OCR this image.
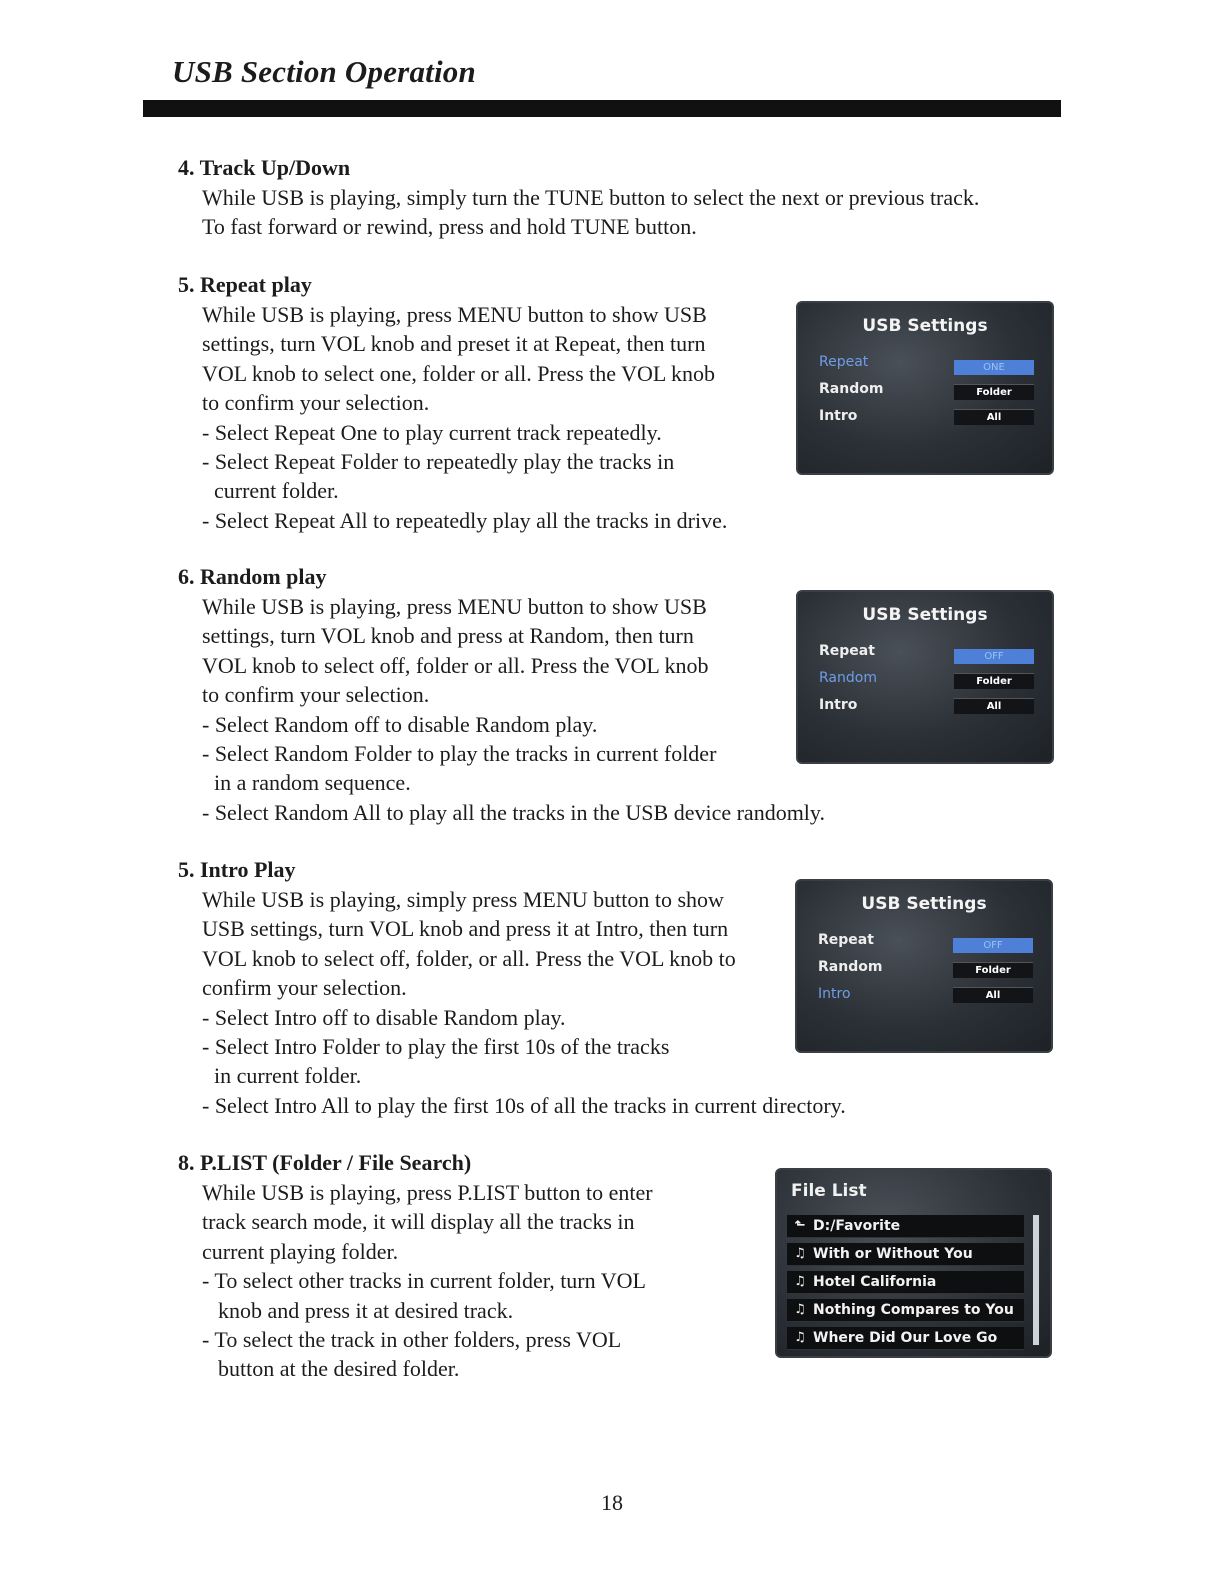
USB Section Operation
4. Track Up/Down
While USB is playing, simply turn the TUNE button to select the next or previous track.
To fast forward or rewind, press and hold TUNE button.
5. Repeat play
While USB is playing, press MENU button to show USB
settings, turn VOL knob and preset it at Repeat, then turn
VOL knob to select one, folder or all. Press the VOL knob
to confirm your selection.
- Select Repeat One to play current track repeatedly.
- Select Repeat Folder to repeatedly play the tracks in
current folder.
- Select Repeat All to repeatedly play all the tracks in drive.
6. Random play
While USB is playing, press MENU button to show USB
settings, turn VOL knob and press at Random, then turn
VOL knob to select off, folder or all. Press the VOL knob
to confirm your selection.
- Select Random off to disable Random play.
- Select Random Folder to play the tracks in current folder
in a random sequence.
- Select Random All to play all the tracks in the USB device randomly.
5. Intro Play
While USB is playing, simply press MENU button to show
USB settings, turn VOL knob and press it at Intro, then turn
VOL knob to select off, folder, or all. Press the VOL knob to
confirm your selection.
- Select Intro off to disable Random play.
- Select Intro Folder to play the first 10s of the tracks
in current folder.
- Select Intro All to play the first 10s of all the tracks in current directory.
8. P.LIST (Folder / File Search)
While USB is playing, press P.LIST button to enter
track search mode, it will display all the tracks in
current playing folder.
- To select other tracks in current folder, turn VOL
knob and press it at desired track.
- To select the track in other folders, press VOL
button at the desired folder.
USB Settings
Repeat
Random
Intro
ONE
Folder
All
USB Settings
Repeat
Random
Intro
OFF
Folder
All
USB Settings
Repeat
Random
Intro
OFF
Folder
All
File List
⬑ D:/Favorite
♫ With or Without You
♫ Hotel California
♫ Nothing Compares to You
♫ Where Did Our Love Go
18
